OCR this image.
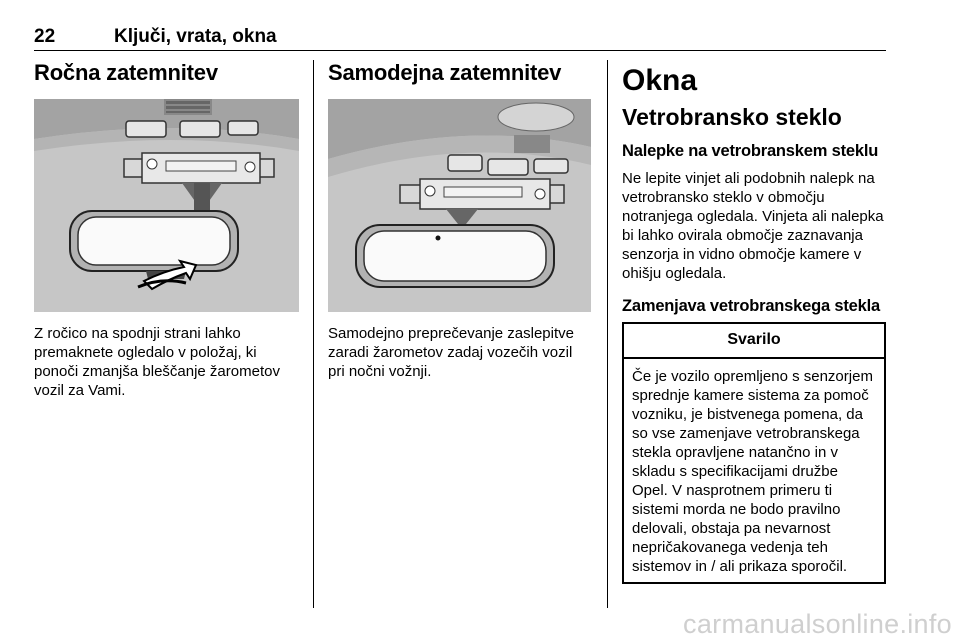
22	Ključi, vrata, okna
Ročna zatemnitev

Z ročico na spodnji strani lahko premaknete ogledalo v položaj, ki ponoči zmanjša bleščanje žarometov vozil za Vami.

Samodejna zatemnitev

Samodejno preprečevanje zaslepitve zaradi žarometov zadaj vozečih vozil pri nočni vožnji.

Okna
Vetrobransko steklo
Nalepke na vetrobranskem steklu

Ne lepite vinjet ali podobnih nalepk na vetrobransko steklo v območju notranjega ogledala. Vinjeta ali nalepka bi lahko ovirala območje zaznavanja senzorja in vidno območje kamere v ohišju ogledala.

Zamenjava vetrobranskega stekla
Svarilo
Če je vozilo opremljeno s senzorjem sprednje kamere sistema za pomoč vozniku, je bistvenega pomena, da so vse zamenjave vetrobranskega stekla opravljene natančno in v skladu s specifikacijami družbe Opel. V nasprotnem primeru ti sistemi morda ne bodo pravilno delovali, obstaja pa nevarnost nepričakovanega vedenja teh sistemov in / ali prikaza sporočil.
carmanualsonline.info
